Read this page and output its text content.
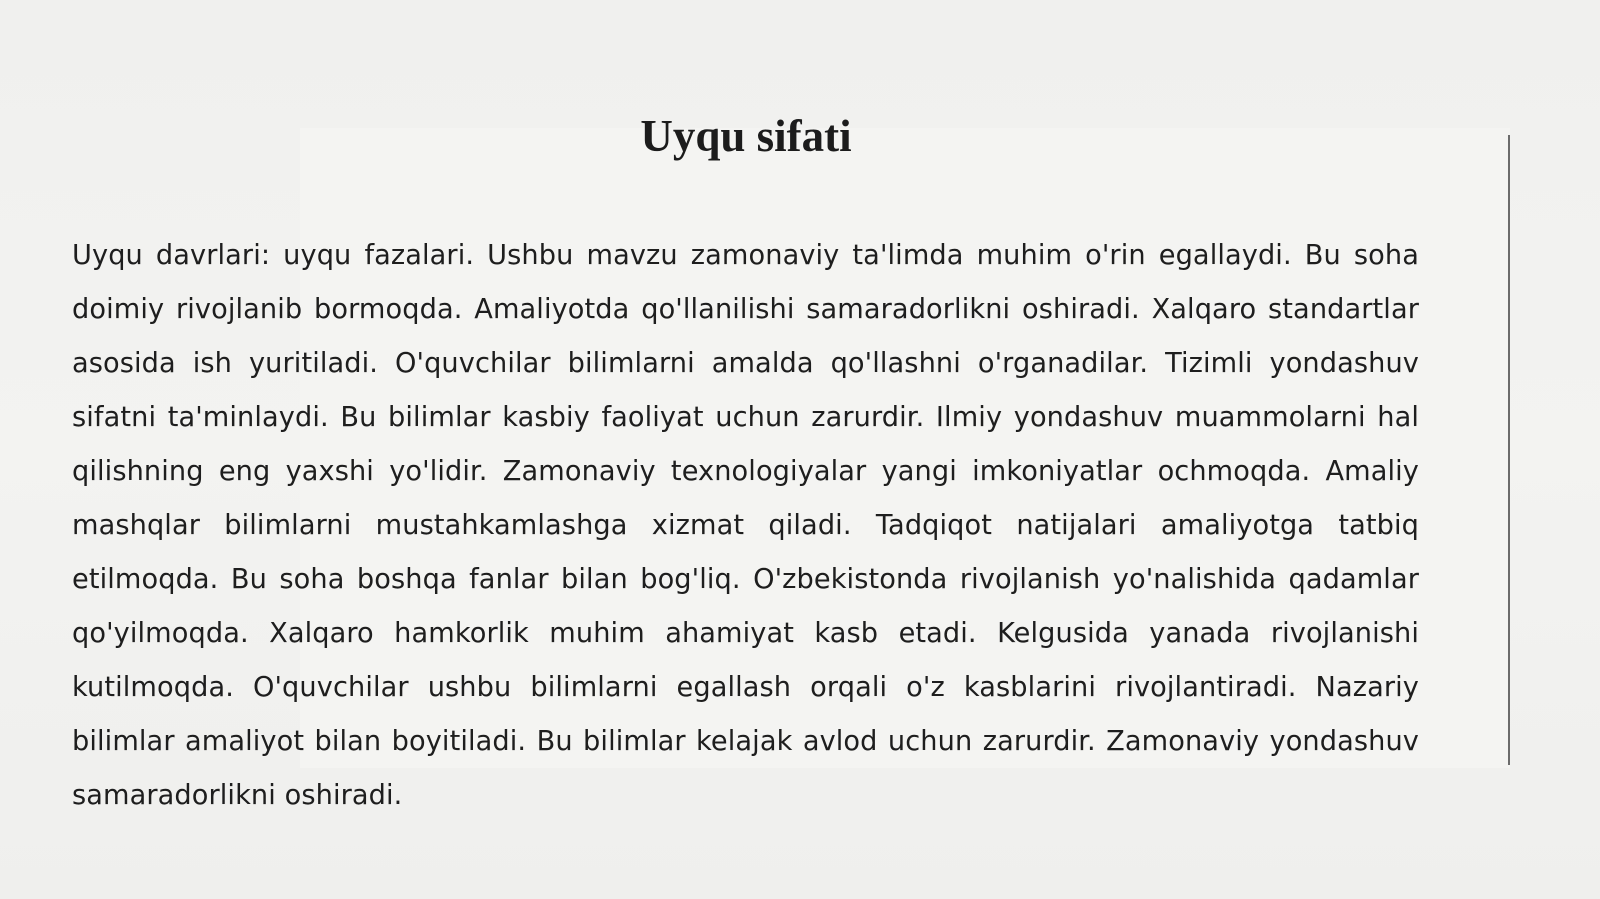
Uyqu sifati

Uyqu davrlari: uyqu fazalari. Ushbu mavzu zamonaviy ta'limda muhim o'rin egallaydi. Bu soha doimiy rivojlanib bormoqda. Amaliyotda qo'llanilishi samaradorlikni oshiradi. Xalqaro standartlar asosida ish yuritiladi. O'quvchilar bilimlarni amalda qo'llashni o'rganadilar. Tizimli yondashuv sifatni ta'minlaydi. Bu bilimlar kasbiy faoliyat uchun zarurdir. Ilmiy yondashuv muammolarni hal qilishning eng yaxshi yo'lidir. Zamonaviy texnologiyalar yangi imkoniyatlar ochmoqda. Amaliy mashqlar bilimlarni mustahkamlashga xizmat qiladi. Tadqiqot natijalari amaliyotga tatbiq etilmoqda. Bu soha boshqa fanlar bilan bog'liq. O'zbekistonda rivojlanish yo'nalishida qadamlar qo'yilmoqda. Xalqaro hamkorlik muhim ahamiyat kasb etadi. Kelgusida yanada rivojlanishi kutilmoqda. O'quvchilar ushbu bilimlarni egallash orqali o'z kasblarini rivojlantiradi. Nazariy bilimlar amaliyot bilan boyitiladi. Bu bilimlar kelajak avlod uchun zarurdir. Zamonaviy yondashuv samaradorlikni oshiradi.
